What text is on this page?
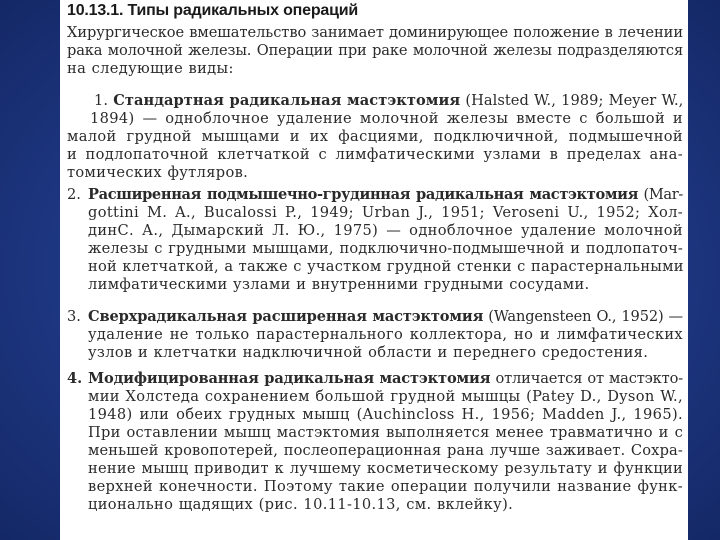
10.13.1. Типы радикальных операций
Хирургическое вмешательство занимает доминирующее положение в лечении
рака молочной железы. Операции при раке молочной железы подразделяются
на следующие виды:
1. Стандартная радикальная мастэктомия (Halsted W., 1989; Meyer W.,
1894) — одноблочное удаление молочной железы вместе с большой и
малой грудной мышцами и их фасциями, подключичной, подмышечной
и подлопаточной клетчаткой с лимфатическими узлами в пределах ана-
томических футляров.
2. Расширенная подмышечно-грудинная радикальная мастэктомия (Mar-
gottini M. A., Bucalossi P., 1949; Urban J., 1951; Veroseni U., 1952; Хол-
динС. А., Дымарский Л. Ю., 1975) — одноблочное удаление молочной
железы с грудными мышцами, подключично-подмышечной и подлопаточ-
ной клетчаткой, а также с участком грудной стенки с парастернальными
лимфатическими узлами и внутренними грудными сосудами.
3. Сверхрадикальная расширенная мастэктомия (Wangensteen O., 1952) —
удаление не только парастернального коллектора, но и лимфатических
узлов и клетчатки надключичной области и переднего средостения.
4. Модифицированная радикальная мастэктомия отличается от мастэкто-
мии Холстеда сохранением большой грудной мышцы (Patey D., Dyson W.,
1948) или обеих грудных мышц (Auchincloss H., 1956; Madden J., 1965).
При оставлении мышц мастэктомия выполняется менее травматично и с
меньшей кровопотерей, послеоперационная рана лучше заживает. Сохра-
нение мышц приводит к лучшему косметическому результату и функции
верхней конечности. Поэтому такие операции получили название функ-
ционально щадящих (рис. 10.11-10.13, см. вклейку).
